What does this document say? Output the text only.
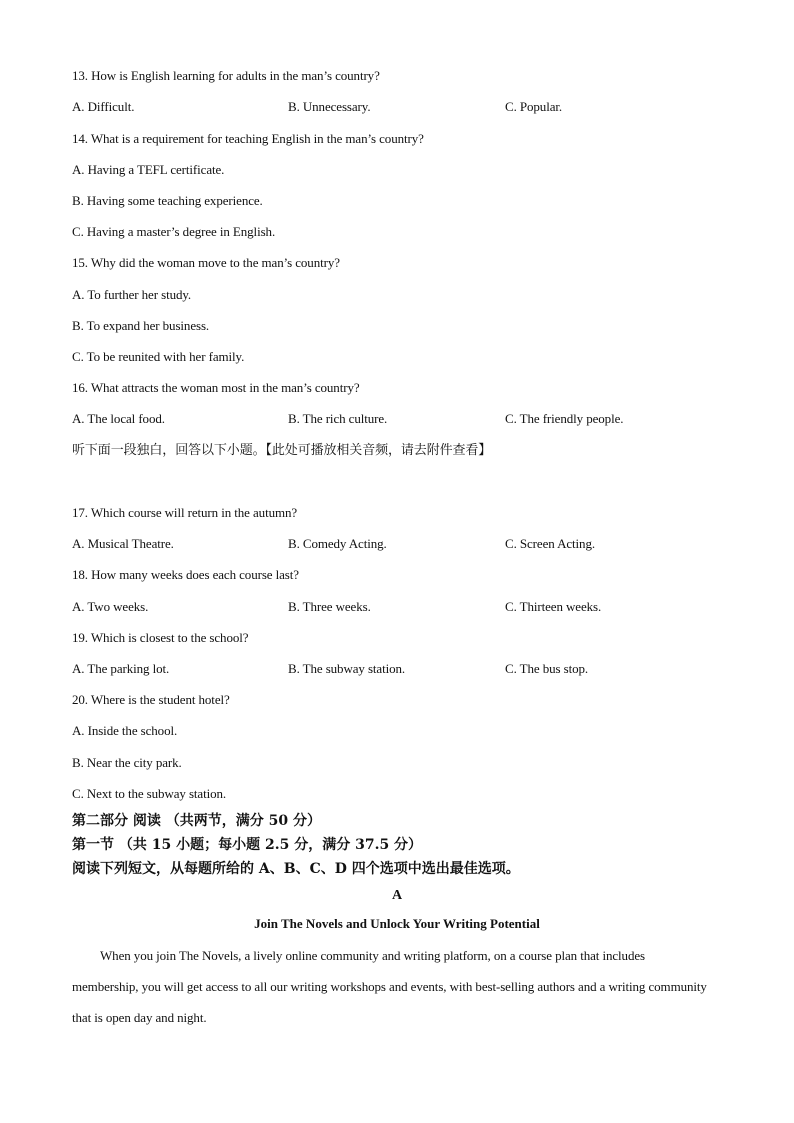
13. How is English learning for adults in the man’s country?
A. Difficult.	B. Unnecessary.	C. Popular.
14. What is a requirement for teaching English in the man’s country?
A. Having a TEFL certificate.
B. Having some teaching experience.
C. Having a master’s degree in English.
15. Why did the woman move to the man’s country?
A. To further her study.
B. To expand her business.
C. To be reunited with her family.
16. What attracts the woman most in the man’s country?
A. The local food.	B. The rich culture.	C. The friendly people.
听下面一段独白，回答以下小题。【此处可播放相关音频，请去附件查看】
17. Which course will return in the autumn?
A. Musical Theatre.	B. Comedy Acting.	C. Screen Acting.
18. How many weeks does each course last?
A. Two weeks.	B. Three weeks.	C. Thirteen weeks.
19. Which is closest to the school?
A. The parking lot.	B. The subway station.	C. The bus stop.
20. Where is the student hotel?
A. Inside the school.
B. Near the city park.
C. Next to the subway station.
第二部分 阅读 （共两节，满分 50 分）
第一节 （共 15 小题；每小题 2.5 分，满分 37.5 分）
阅读下列短文，从每题所给的 A、B、C、D 四个选项中选出最佳选项。
A
Join The Novels and Unlock Your Writing Potential
When you join The Novels, a lively online community and writing platform, on a course plan that includes membership, you will get access to all our writing workshops and events, with best-selling authors and a writing community that is open day and night.
